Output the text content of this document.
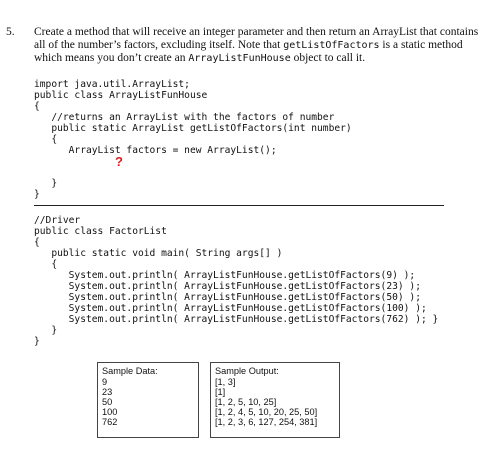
5. Create a method that will receive an integer parameter and then return an ArrayList that contains all of the number’s factors, excluding itself. Note that getListOfFactors is a static method which means you don’t create an ArrayListFunHouse object to call it.
import java.util.ArrayList;
public class ArrayListFunHouse
{
//returns an ArrayList with the factors of number
public static ArrayList getListOfFactors(int number)
{
ArrayList factors = new ArrayList();

}
}
?
//Driver
public class FactorList
{
public static void main( String args[] )
{
System.out.println( ArrayListFunHouse.getListOfFactors(9) );
System.out.println( ArrayListFunHouse.getListOfFactors(23) );
System.out.println( ArrayListFunHouse.getListOfFactors(50) );
System.out.println( ArrayListFunHouse.getListOfFactors(100) );
System.out.println( ArrayListFunHouse.getListOfFactors(762) ); }
}
}
Sample Data:
9
23
50
100
762
Sample Output:
[1, 3]
[1]
[1, 2, 5, 10, 25]
[1, 2, 4, 5, 10, 20, 25, 50]
[1, 2, 3, 6, 127, 254, 381]
